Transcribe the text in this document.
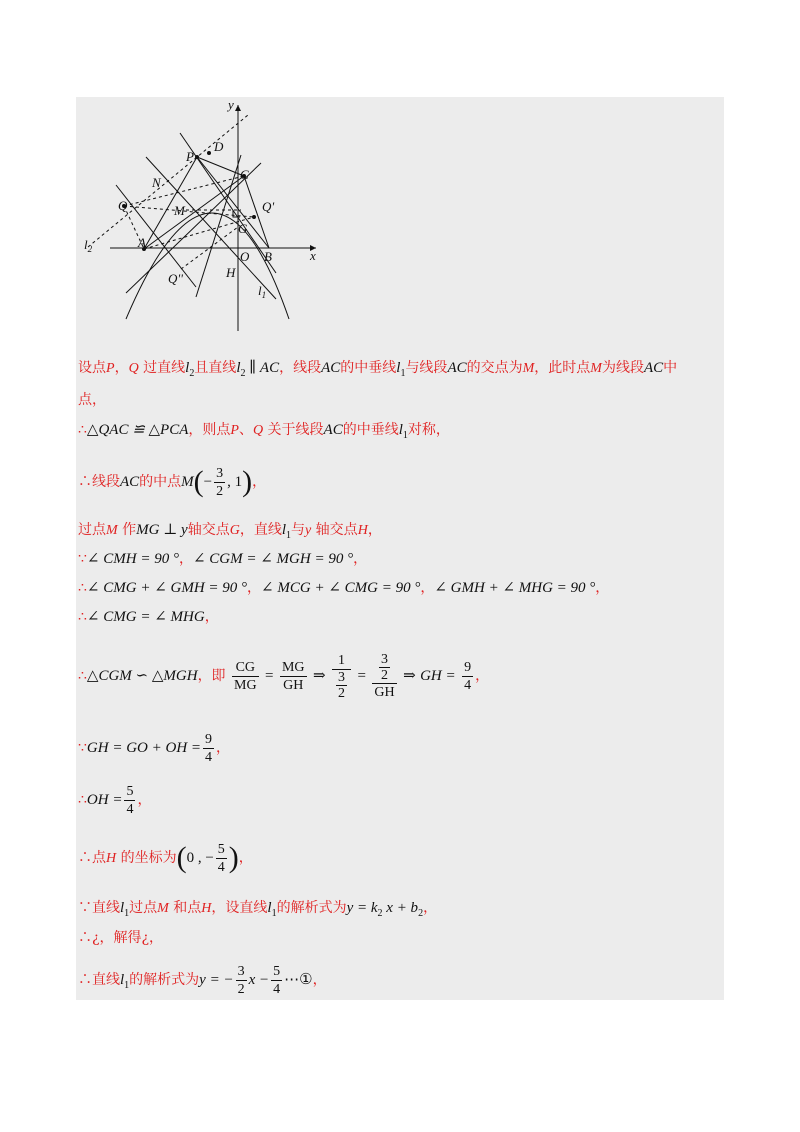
y
x
P
D
C
N
Q	M	Q'
G
$l_2$	A
O B
Q''	H
$l_1$
设点P，Q 过直线$l_2$且直线$l_2$ ∥ AC，线段AC的中垂线$l_1$与线段AC的交点为M，此时点M为线段AC中
点，
∴△QAC ≌ △PCA，则点P、Q 关于线段AC的中垂线$l_1$对称，
∴线段AC的中点$M(- \frac{3}{2}$ , 1)，
过点M 作MG ⊥ y轴交点G，直线$l_1$与y 轴交点H，
∵∠ CMH = 90 °，∠ CGM = ∠ MGH = 90 °，
∴∠ CMG + ∠ GMH = 90 °，∠ MCG + ∠ CMG = 90 °，∠ GMH + ∠ MHG = 90 °，
∴∠ CMG = ∠ MHG，
∴△CGM ∽ △MGH，即 $\frac{CG}{MG} = \frac{MG}{GH}$ ⇒ $\frac{1}{\frac{3}{2}} = \frac{\frac{3}{2}}{GH}$ ⇒ GH = $\frac{9}{4}$ ，
∵GH = GO + OH = $\frac{9}{4}$ ，
∴OH = $\frac{5}{4}$ ，
∴点H 的坐标为(0 , − $\frac{5}{4}$ )，
∵直线$l_1$过点M 和点H，设直线$l_1$的解析式为$y = k_2$ $x + b_2$，
∴¿，解得¿，
∴直线$l_1$的解析式为y = − $\frac{3}{2}$ $x - \frac{5}{4}$ ⋯①，
